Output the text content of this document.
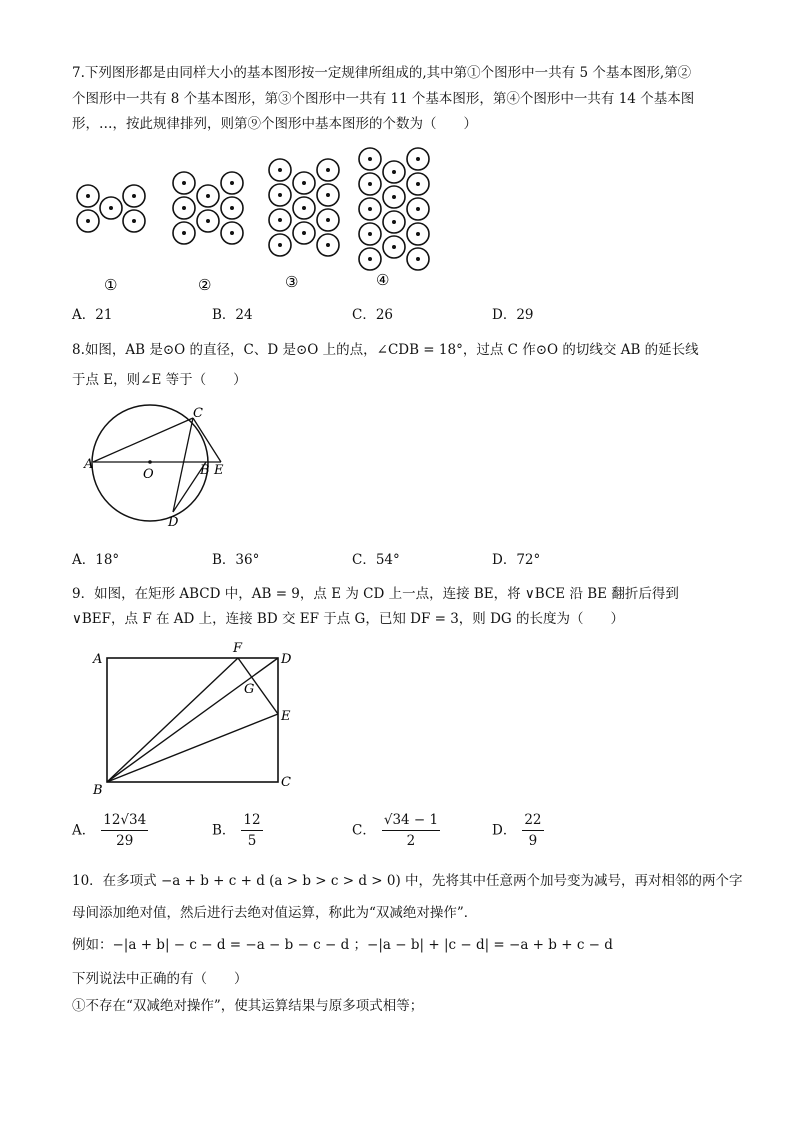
7.下列图形都是由同样大小的基本图形按一定规律所组成的,其中第①个图形中一共有 5 个基本图形,第②
个图形中一共有 8 个基本图形，第③个图形中一共有 11 个基本图形，第④个图形中一共有 14 个基本图
形，…，按此规律排列，则第⑨个图形中基本图形的个数为（　　）
①	②	③	④
A．21	B．24	C．26	D．29
8.如图，AB 是⊙O 的直径，C、D 是⊙O 上的点，∠CDB = 18°，过点 C 作⊙O 的切线交 AB 的延长线
于点 E，则∠E 等于（　　）
A
O	B E
C
D
A．18°	B．36°	C．54°	D．72°
9．如图，在矩形 ABCD 中，AB = 9，点 E 为 CD 上一点，连接 BE，将 ∨BCE 沿 BE 翻折后得到
∨BEF，点 F 在 AD 上，连接 BD 交 EF 于点 G，已知 DF = 3，则 DG 的长度为（　　）
A
F
D
G
E
B
C
A． $\frac{12√34}{29}$	B． $\frac{12}{5}$	C． $\frac{√34 - 1}{2}$	D． $\frac{22}{9}$
10．在多项式 −a + b + c + d (a > b > c > d > 0) 中，先将其中任意两个加号变为减号，再对相邻的两个字
母间添加绝对值，然后进行去绝对值运算，称此为“双减绝对操作”．
例如：−|a + b| − c − d = −a − b − c − d ；−|a − b| + |c − d| = −a + b + c − d
下列说法中正确的有（　　）
①不存在“双减绝对操作”，使其运算结果与原多项式相等；
